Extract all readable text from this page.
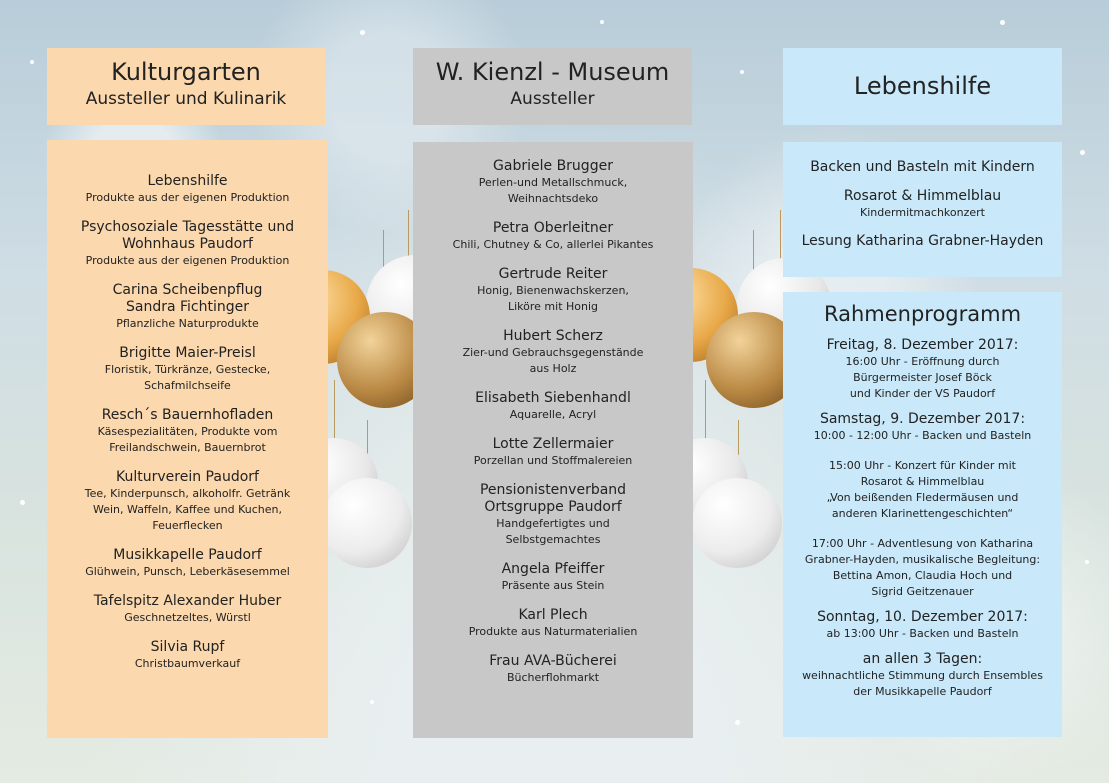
Kulturgarten
Aussteller und Kulinarik
Lebenshilfe
Produkte aus der eigenen Produktion
Psychosoziale Tagesstätte und Wohnhaus Paudorf
Produkte aus der eigenen Produktion
Carina Scheibenpflug
Sandra Fichtinger
Pflanzliche Naturprodukte
Brigitte Maier-Preisl
Floristik, Türkränze, Gestecke,
Schafmilchseife
Resch´s Bauernhofladen
Käsespezialitäten, Produkte vom
Freilandschwein, Bauernbrot
Kulturverein Paudorf
Tee, Kinderpunsch, alkoholfr. Getränk
Wein, Waffeln, Kaffee und Kuchen,
Feuerflecken
Musikkapelle Paudorf
Glühwein, Punsch, Leberkäsesemmel
Tafelspitz Alexander Huber
Geschnetzeltes, Würstl
Silvia Rupf
Christbaumverkauf
W. Kienzl - Museum
Aussteller
Gabriele Brugger
Perlen-und Metallschmuck,
Weihnachtsdeko
Petra Oberleitner
Chili, Chutney & Co, allerlei Pikantes
Gertrude Reiter
Honig, Bienenwachskerzen,
Liköre mit Honig
Hubert Scherz
Zier-und Gebrauchsgegenstände
aus Holz
Elisabeth Siebenhandl
Aquarelle, Acryl
Lotte Zellermaier
Porzellan und Stoffmalereien
Pensionistenverband
Ortsgruppe Paudorf
Handgefertigtes und
Selbstgemachtes
Angela Pfeiffer
Präsente aus Stein
Karl Plech
Produkte aus Naturmaterialien
Frau AVA-Bücherei
Bücherflohmarkt
Lebenshilfe
Backen und Basteln mit Kindern
Rosarot & Himmelblau
Kindermitmachkonzert
Lesung Katharina Grabner-Hayden
Rahmenprogramm
Freitag, 8. Dezember 2017:
16:00 Uhr - Eröffnung durch
Bürgermeister Josef Böck
und Kinder der VS Paudorf
Samstag, 9. Dezember 2017:
10:00 - 12:00 Uhr - Backen und Basteln
15:00 Uhr - Konzert für Kinder mit
Rosarot & Himmelblau
„Von beißenden Fledermäusen und
anderen Klarinettengeschichten“
17:00 Uhr - Adventlesung von Katharina
Grabner-Hayden, musikalische Begleitung:
Bettina Amon, Claudia Hoch und
Sigrid Geitzenauer
Sonntag, 10. Dezember 2017:
ab 13:00 Uhr - Backen und Basteln
an allen 3 Tagen:
weihnachtliche Stimmung durch Ensembles
der Musikkapelle Paudorf
